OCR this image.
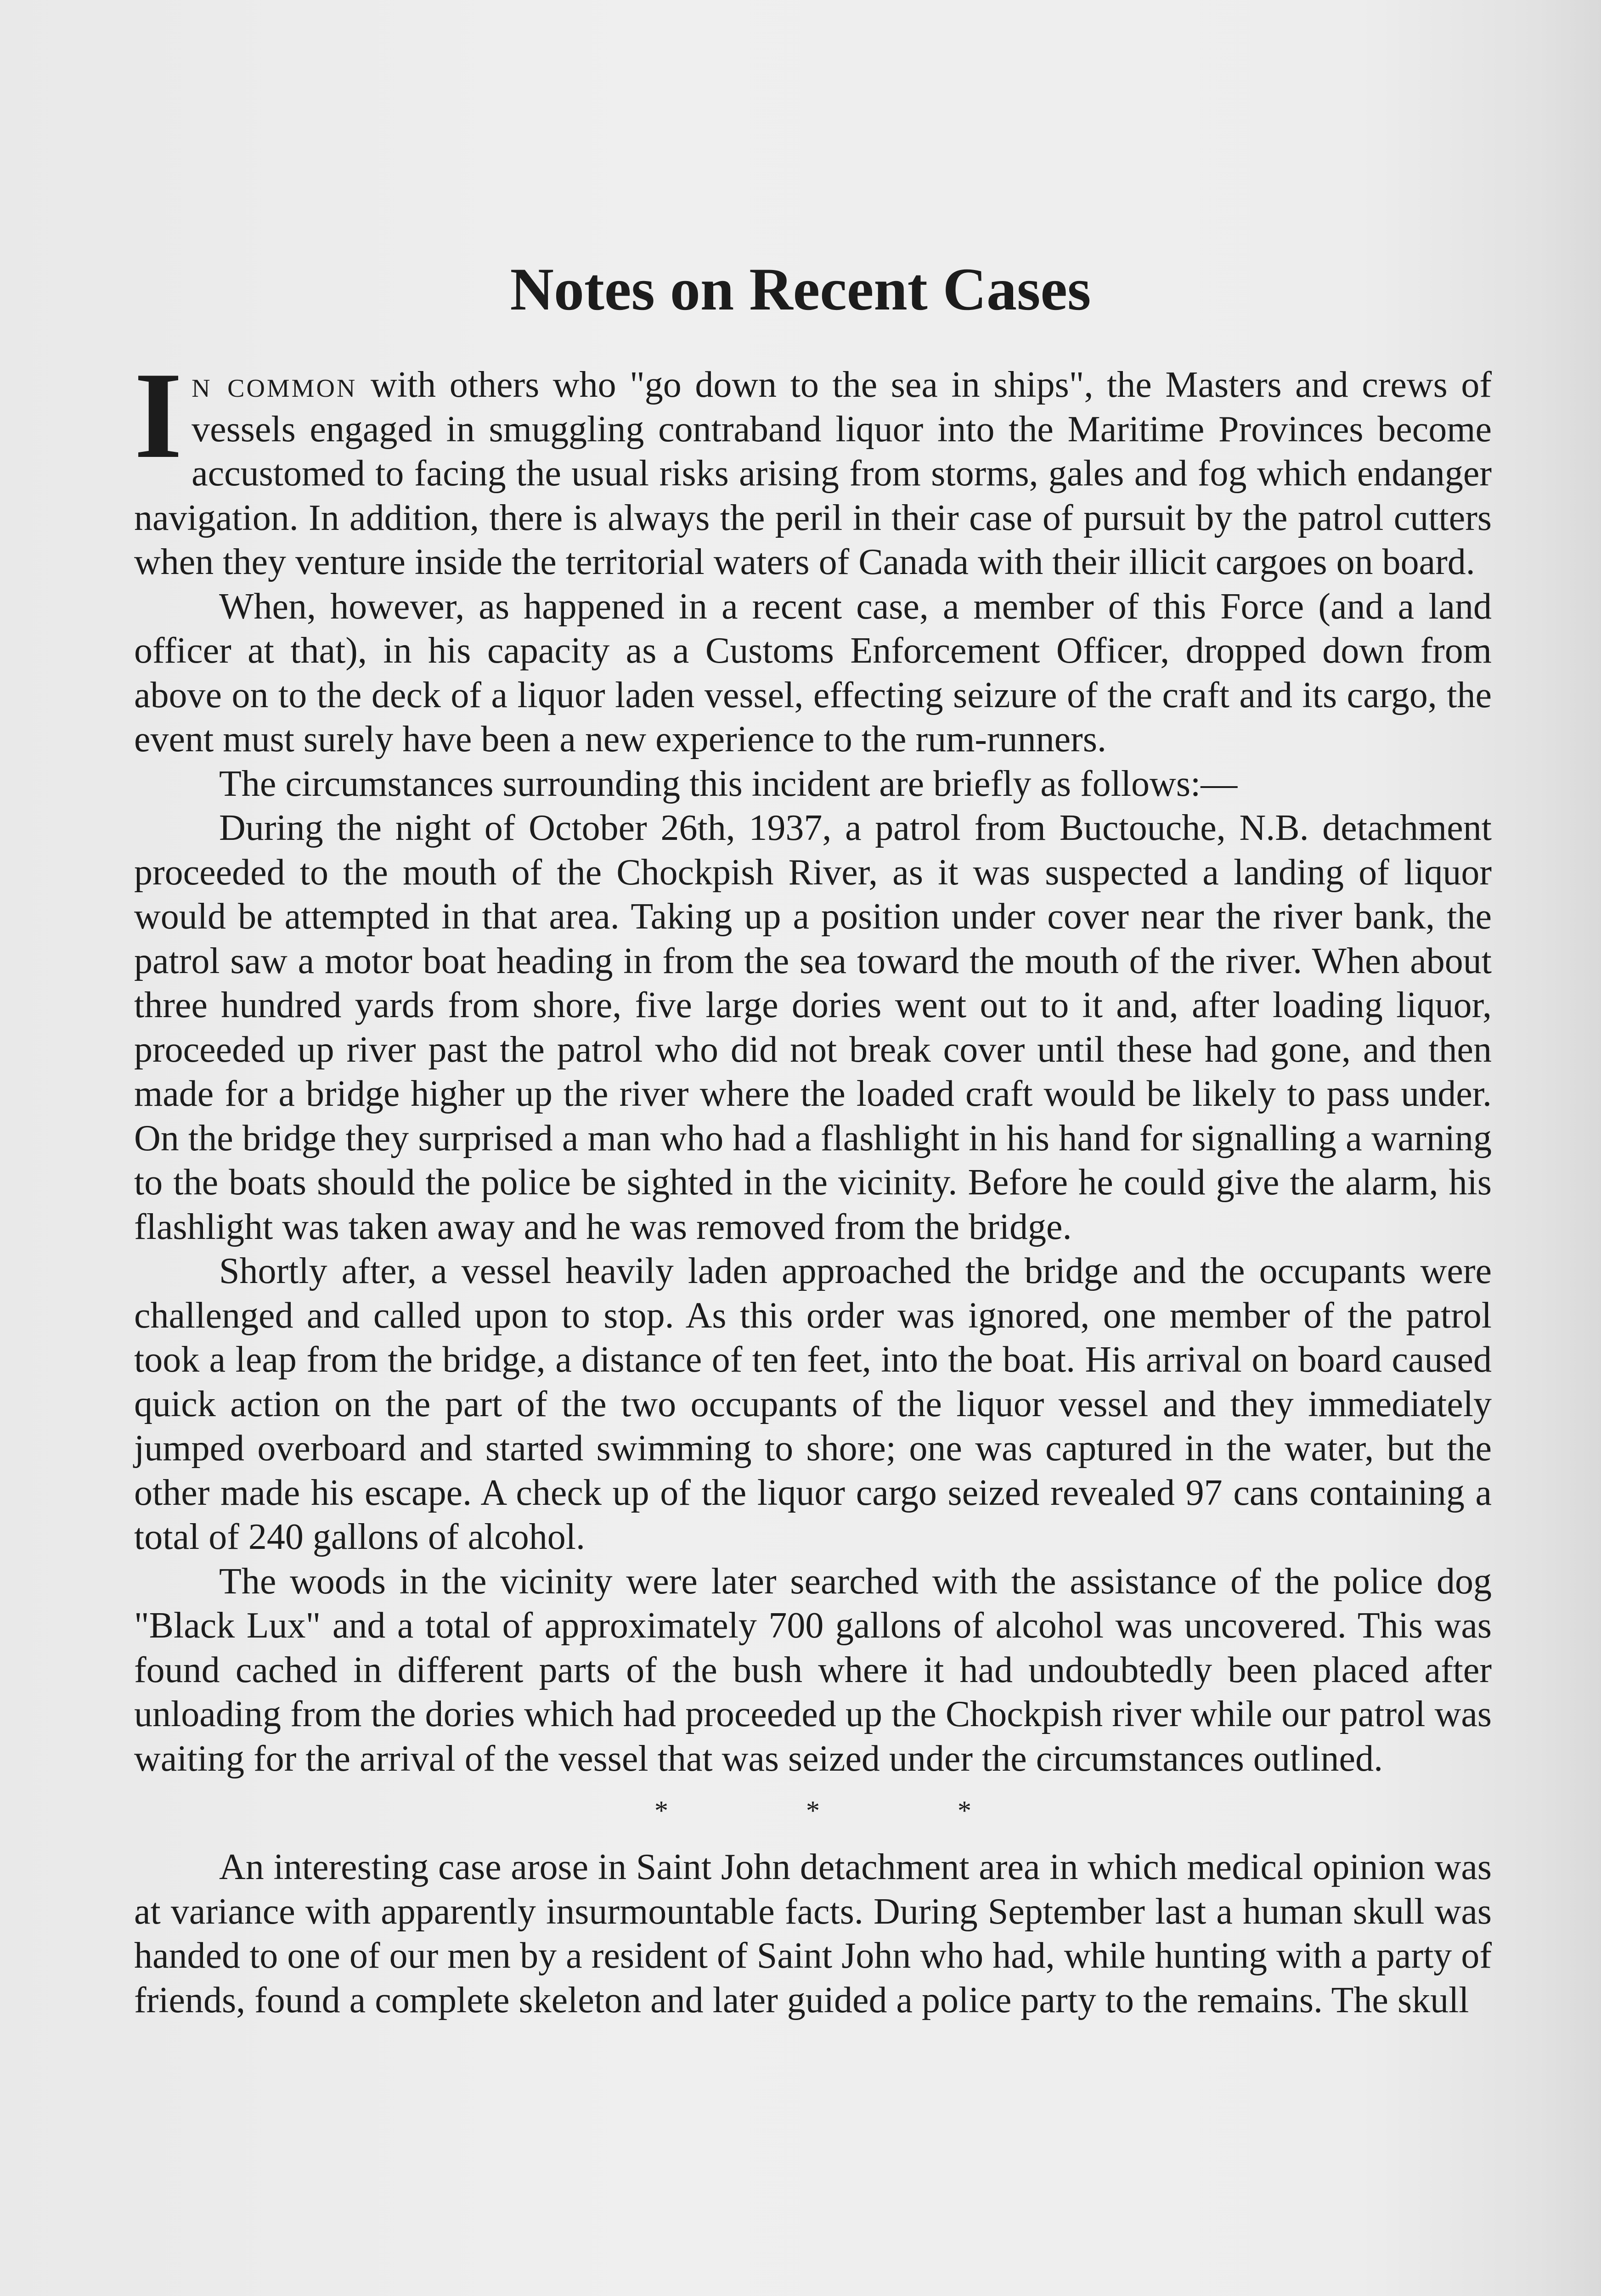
Notes on Recent Cases

In common with others who "go down to the sea in ships", the Masters and crews of vessels engaged in smuggling contraband liquor into the Maritime Provinces become accustomed to facing the usual risks arising from storms, gales and fog which endanger navigation. In addition, there is always the peril in their case of pursuit by the patrol cutters when they venture inside the territorial waters of Canada with their illicit cargoes on board.

When, however, as happened in a recent case, a member of this Force (and a land officer at that), in his capacity as a Customs Enforcement Officer, dropped down from above on to the deck of a liquor laden vessel, effecting seizure of the craft and its cargo, the event must surely have been a new experience to the rum-runners.

The circumstances surrounding this incident are briefly as follows:—

During the night of October 26th, 1937, a patrol from Buctouche, N.B. detachment proceeded to the mouth of the Chockpish River, as it was suspected a landing of liquor would be attempted in that area. Taking up a position under cover near the river bank, the patrol saw a motor boat heading in from the sea toward the mouth of the river. When about three hundred yards from shore, five large dories went out to it and, after loading liquor, proceeded up river past the patrol who did not break cover until these had gone, and then made for a bridge higher up the river where the loaded craft would be likely to pass under. On the bridge they surprised a man who had a flashlight in his hand for signalling a warning to the boats should the police be sighted in the vicinity. Before he could give the alarm, his flashlight was taken away and he was removed from the bridge.

Shortly after, a vessel heavily laden approached the bridge and the occupants were challenged and called upon to stop. As this order was ignored, one member of the patrol took a leap from the bridge, a distance of ten feet, into the boat. His arrival on board caused quick action on the part of the two occupants of the liquor vessel and they immediately jumped overboard and started swimming to shore; one was captured in the water, but the other made his escape. A check up of the liquor cargo seized revealed 97 cans containing a total of 240 gallons of alcohol.

The woods in the vicinity were later searched with the assistance of the police dog "Black Lux" and a total of approximately 700 gallons of alcohol was uncovered. This was found cached in different parts of the bush where it had undoubtedly been placed after unloading from the dories which had proceeded up the Chockpish river while our patrol was waiting for the arrival of the vessel that was seized under the circumstances outlined.

*	*	*

An interesting case arose in Saint John detachment area in which medical opinion was at variance with apparently insurmountable facts. During September last a human skull was handed to one of our men by a resident of Saint John who had, while hunting with a party of friends, found a complete skeleton and later guided a police party to the remains. The skull
